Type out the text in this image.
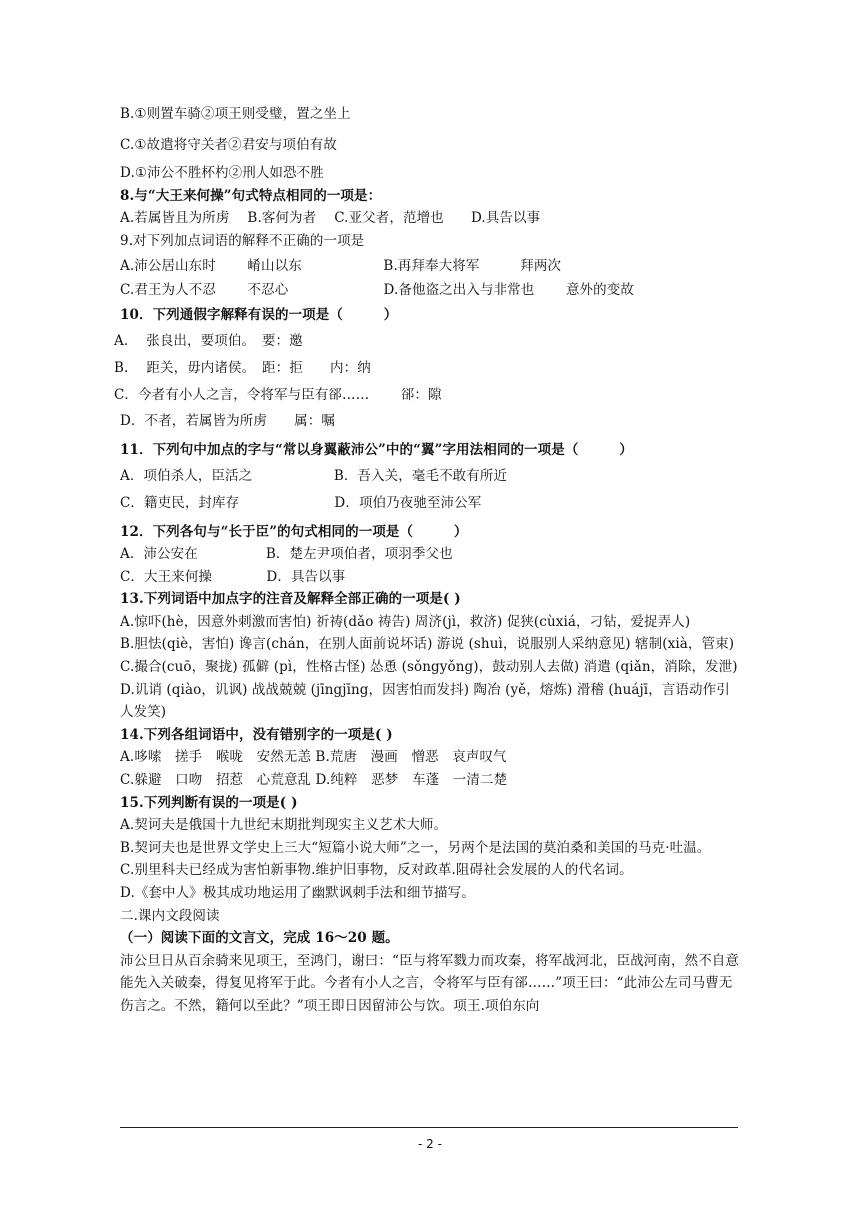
B.①则置车骑②项王则受璧，置之坐上
C.①故遣将守关者②君安与项伯有故
D.①沛公不胜杯杓②刑人如恐不胜
8.与“大王来何操”句式特点相同的一项是：
A.若属皆且为所虏　 B.客何为者　 C.亚父者，范增也　　D.具告以事
9.对下列加点词语的解释不正确的一项是
A.沛公居山东时　　 崤山以东　　　　　　B.再拜奉大将军　　　拜两次
C.君王为人不忍　　 不忍心　　　　　　　D.备他盗之出入与非常也　　 意外的变故
10．下列通假字解释有误的一项是（　　　）
A.　 张良出，要项伯。　要：邀
B.　 距关，毋内诸侯。　距：拒　　内：纳
C．今者有小人之言，令将军与臣有郤……　　 郤：隙
D．不者，若属皆为所虏　　属：嘱
11．下列句中加点的字与“常以身翼蔽沛公”中的“翼”字用法相同的一项是（　　　）
A．项伯杀人，臣活之　　　　　　B．吾入关，毫毛不敢有所近
C．籍吏民，封库存　　　　　　　D．项伯乃夜驰至沛公军
12．下列各句与“长于臣”的句式相同的一项是（　　　）
A．沛公安在　　　　　B．楚左尹项伯者，项羽季父也
C．大王来何操　　　　D．具告以事
13.下列词语中加点字的注音及解释全部正确的一项是( )
A.惊吓(hè，因意外刺激而害怕) 祈祷(dǎo 祷告) 周济(jì，救济) 促狭(cùxiá，刁钻，爱捉弄人)
B.胆怯(qiè，害怕) 谗言(chán，在别人面前说坏话) 游说 (shuì，说服别人采纳意见) 辖制(xià，管束)
C.撮合(cuō，聚拢) 孤僻 (pì，性格古怪) 怂恿 (sǒngyǒng)，鼓动别人去做) 消遣 (qiǎn，消除，发泄)
D.讥诮 (qiào，讥讽) 战战兢兢 (jīngjīng，因害怕而发抖) 陶冶 (yě，熔炼) 滑稽 (huájī，言语动作引人发笑)
14.下列各组词语中，没有错别字的一项是( )
A.哆嗦　搓手　喉咙　安然无恙 B.荒唐　漫画　憎恶　哀声叹气
C.躲避　口吻　招惹　心荒意乱 D.纯粹　恶梦　车蓬　一清二楚
15.下列判断有误的一项是( )
A.契诃夫是俄国十九世纪末期批判现实主义艺术大师。
B.契诃夫也是世界文学史上三大“短篇小说大师”之一，另两个是法国的莫泊桑和美国的马克·吐温。
C.别里科夫已经成为害怕新事物.维护旧事物，反对政革.阻碍社会发展的人的代名词。
D.《套中人》极其成功地运用了幽默讽刺手法和细节描写。
二.课内文段阅读
（一）阅读下面的文言文，完成 16～20 题。
沛公旦日从百余骑来见项王，至鸿门，谢曰：“臣与将军戮力而攻秦，将军战河北，臣战河南，然不自意能先入关破秦，得复见将军于此。今者有小人之言，令将军与臣有郤……”项王曰：“此沛公左司马曹无伤言之。不然，籍何以至此？”项王即日因留沛公与饮。项王.项伯东向
- 2 -
